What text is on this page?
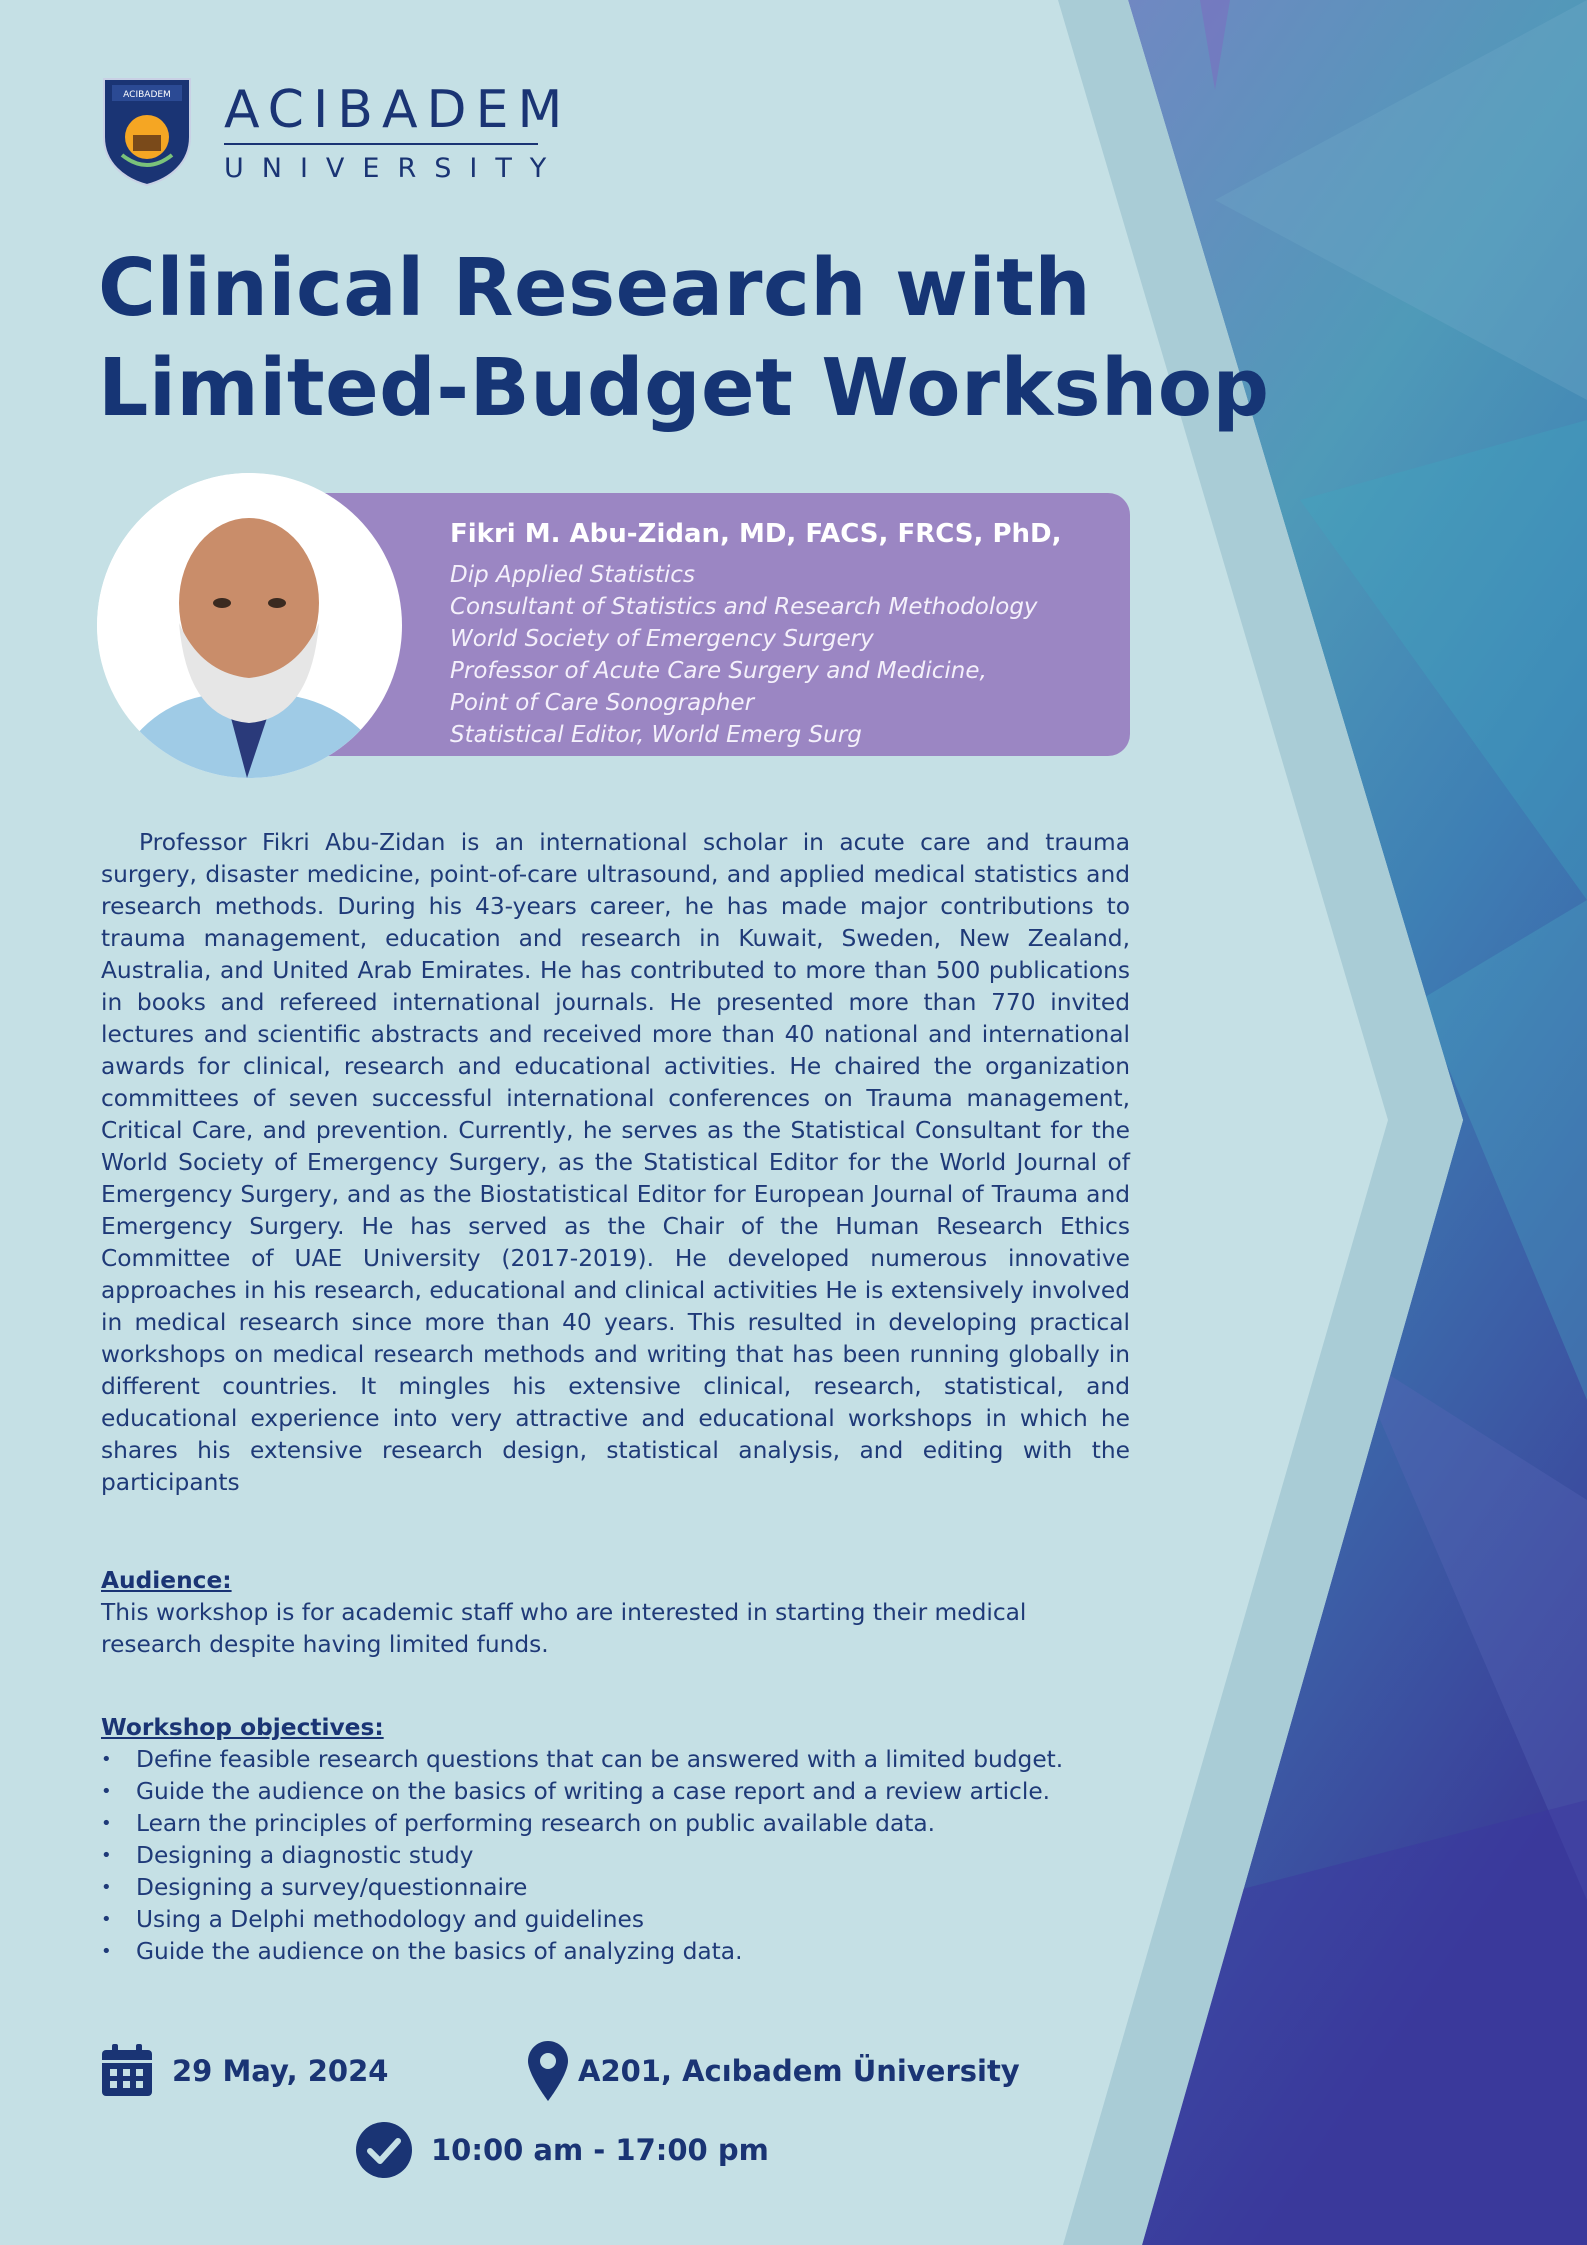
ACIBADEM ACIBADEM
UNIVERSITY
Clinical Research with
Limited-Budget Workshop
Fikri M. Abu-Zidan, MD, FACS, FRCS, PhD,
Dip Applied Statistics
Consultant of Statistics and Research Methodology
World Society of Emergency Surgery
Professor of Acute Care Surgery and Medicine,
Point of Care Sonographer
Statistical Editor, World Emerg Surg

Professor Fikri Abu-Zidan is an international scholar in acute care and trauma surgery, disaster medicine, point-of-care ultrasound, and applied medical statistics and research methods. During his 43-years career, he has made major contributions to trauma management, education and research in Kuwait, Sweden, New Zealand, Australia, and United Arab Emirates. He has contributed to more than 500 publications in books and refereed international journals. He presented more than 770 invited lectures and scientific abstracts and received more than 40 national and international awards for clinical, research and educational activities. He chaired the organization committees of seven successful international conferences on Trauma management, Critical Care, and prevention. Currently, he serves as the Statistical Consultant for the World Society of Emergency Surgery, as the Statistical Editor for the World Journal of Emergency Surgery, and as the Biostatistical Editor for European Journal of Trauma and Emergency Surgery. He has served as the Chair of the Human Research Ethics Committee of UAE University (2017-2019). He developed numerous innovative approaches in his research, educational and clinical activities He is extensively involved in medical research since more than 40 years. This resulted in developing practical workshops on medical research methods and writing that has been running globally in different countries. It mingles his extensive clinical, research, statistical, and educational experience into very attractive and educational workshops in which he shares his extensive research design, statistical analysis, and editing with the participants

Audience:

This workshop is for academic staff who are interested in starting their medical research despite having limited funds.

Workshop objectives:
• Define feasible research questions that can be answered with a limited budget.
• Guide the audience on the basics of writing a case report and a review article.
• Learn the principles of performing research on public available data.
• Designing a diagnostic study
• Designing a survey/questionnaire
• Using a Delphi methodology and guidelines
• Guide the audience on the basics of analyzing data.
29 May, 2024	A201, Acıbadem Üniversity
10:00 am - 17:00 pm
